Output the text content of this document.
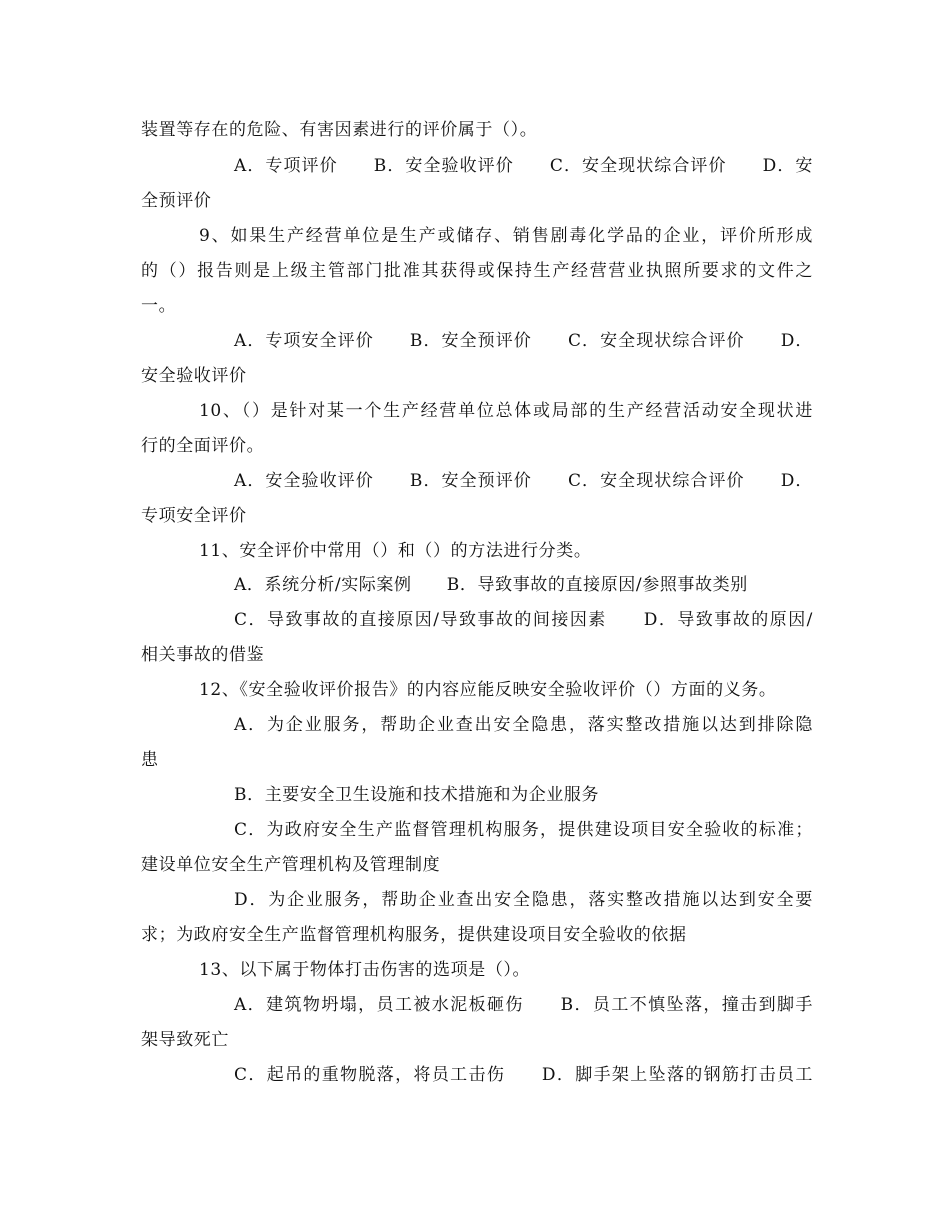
装置等存在的危险、有害因素进行的评价属于（）。
A．专项评价　　B．安全验收评价　　C．安全现状综合评价　　D．安
全预评价
9、如果生产经营单位是生产或储存、销售剧毒化学品的企业，评价所形成
的（）报告则是上级主管部门批准其获得或保持生产经营营业执照所要求的文件之
一。
A．专项安全评价　　B．安全预评价　　C．安全现状综合评价　　D．
安全验收评价
10、（）是针对某一个生产经营单位总体或局部的生产经营活动安全现状进
行的全面评价。
A．安全验收评价　　B．安全预评价　　C．安全现状综合评价　　D．
专项安全评价
11、安全评价中常用（）和（）的方法进行分类。
A．系统分析/实际案例　　B．导致事故的直接原因/参照事故类别
C．导致事故的直接原因/导致事故的间接因素　　D．导致事故的原因/
相关事故的借鉴
12、《安全验收评价报告》的内容应能反映安全验收评价（）方面的义务。
A．为企业服务，帮助企业查出安全隐患，落实整改措施以达到排除隐
患
B．主要安全卫生设施和技术措施和为企业服务
C．为政府安全生产监督管理机构服务，提供建设项目安全验收的标准；
建设单位安全生产管理机构及管理制度
D．为企业服务，帮助企业查出安全隐患，落实整改措施以达到安全要
求；为政府安全生产监督管理机构服务，提供建设项目安全验收的依据
13、以下属于物体打击伤害的选项是（）。
A．建筑物坍塌，员工被水泥板砸伤　　B．员工不慎坠落，撞击到脚手
架导致死亡
C．起吊的重物脱落，将员工击伤　　D．脚手架上坠落的钢筋打击员工
